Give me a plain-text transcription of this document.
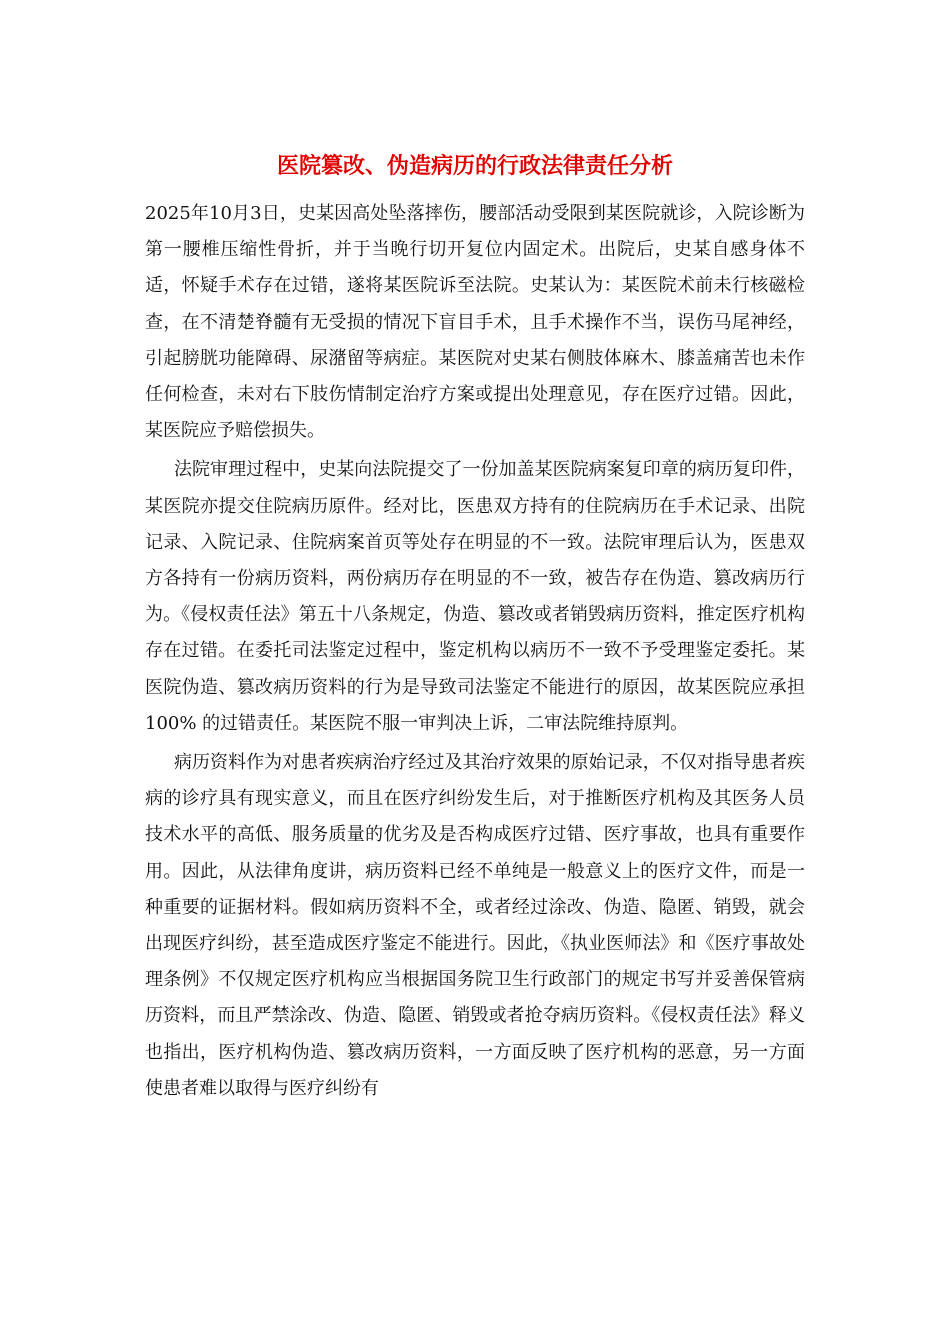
医院篡改、伪造病历的行政法律责任分析

2025年10月3日，史某因高处坠落摔伤，腰部活动受限到某医院就诊，入院诊断为第一腰椎压缩性骨折，并于当晚行切开复位内固定术。出院后，史某自感身体不适，怀疑手术存在过错，遂将某医院诉至法院。史某认为：某医院术前未行核磁检查，在不清楚脊髓有无受损的情况下盲目手术，且手术操作不当，误伤马尾神经，引起膀胱功能障碍、尿潴留等病症。某医院对史某右侧肢体麻木、膝盖痛苦也未作任何检查，未对右下肢伤情制定治疗方案或提出处理意见，存在医疗过错。因此，某医院应予赔偿损失。

法院审理过程中，史某向法院提交了一份加盖某医院病案复印章的病历复印件，某医院亦提交住院病历原件。经对比，医患双方持有的住院病历在手术记录、出院记录、入院记录、住院病案首页等处存在明显的不一致。法院审理后认为，医患双方各持有一份病历资料，两份病历存在明显的不一致，被告存在伪造、篡改病历行为。《侵权责任法》第五十八条规定，伪造、篡改或者销毁病历资料，推定医疗机构存在过错。在委托司法鉴定过程中，鉴定机构以病历不一致不予受理鉴定委托。某医院伪造、篡改病历资料的行为是导致司法鉴定不能进行的原因，故某医院应承担 100% 的过错责任。某医院不服一审判决上诉，二审法院维持原判。

病历资料作为对患者疾病治疗经过及其治疗效果的原始记录，不仅对指导患者疾病的诊疗具有现实意义，而且在医疗纠纷发生后，对于推断医疗机构及其医务人员技术水平的高低、服务质量的优劣及是否构成医疗过错、医疗事故，也具有重要作用。因此，从法律角度讲，病历资料已经不单纯是一般意义上的医疗文件，而是一种重要的证据材料。假如病历资料不全，或者经过涂改、伪造、隐匿、销毁，就会出现医疗纠纷，甚至造成医疗鉴定不能进行。因此，《执业医师法》和《医疗事故处理条例》不仅规定医疗机构应当根据国务院卫生行政部门的规定书写并妥善保管病历资料，而且严禁涂改、伪造、隐匿、销毁或者抢夺病历资料。《侵权责任法》释义也指出，医疗机构伪造、篡改病历资料，一方面反映了医疗机构的恶意，另一方面使患者难以取得与医疗纠纷有
